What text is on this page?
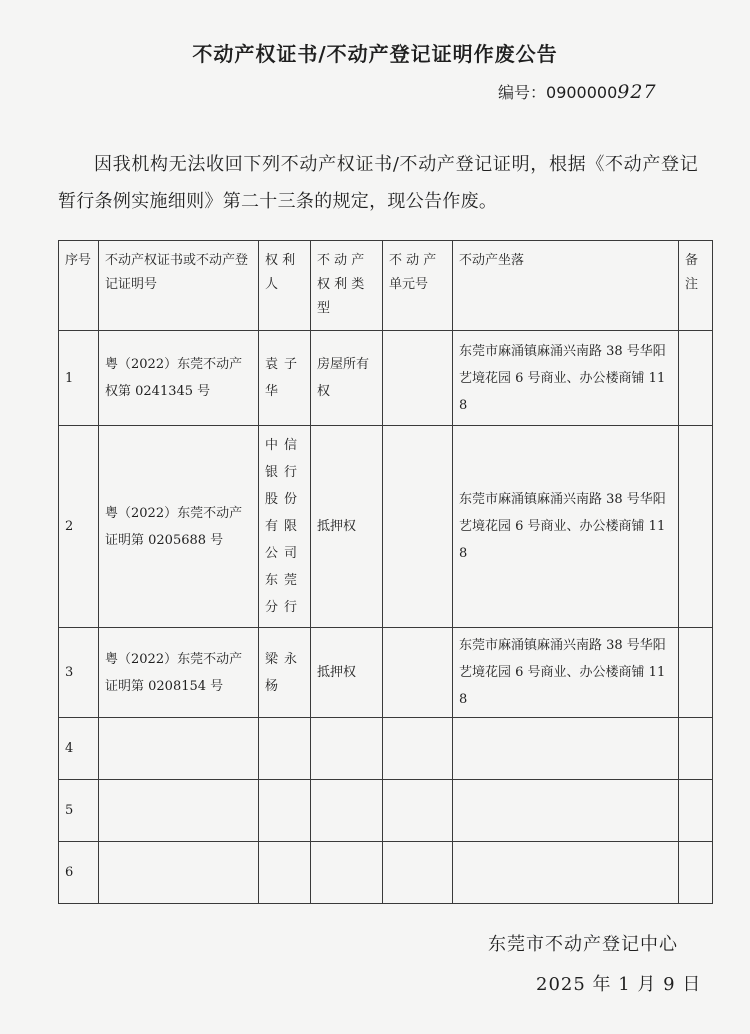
不动产权证书/不动产登记证明作废公告
编号：0900000927
因我机构无法收回下列不动产权证书/不动产登记证明，根据《不动产登记暂行条例实施细则》第二十三条的规定，现公告作废。
序号	不动产权证书或不动产登记证明号	权 利 人	不 动 产 权 利 类 型	不 动 产 单元号	不动产坐落	备 注
1	粤（2022）东莞不动产权第 0241345 号	袁子华	房屋所有权		东莞市麻涌镇麻涌兴南路 38 号华阳艺境花园 6 号商业、办公楼商铺 118	
2	粤（2022）东莞不动产证明第 0205688 号	中信银行股份有限公司东莞分行	抵押权		东莞市麻涌镇麻涌兴南路 38 号华阳艺境花园 6 号商业、办公楼商铺 118	
3	粤（2022）东莞不动产证明第 0208154 号	梁永杨	抵押权		东莞市麻涌镇麻涌兴南路 38 号华阳艺境花园 6 号商业、办公楼商铺 118	
4						
5						
6						
东莞市不动产登记中心
2025 年 1 月 9 日
